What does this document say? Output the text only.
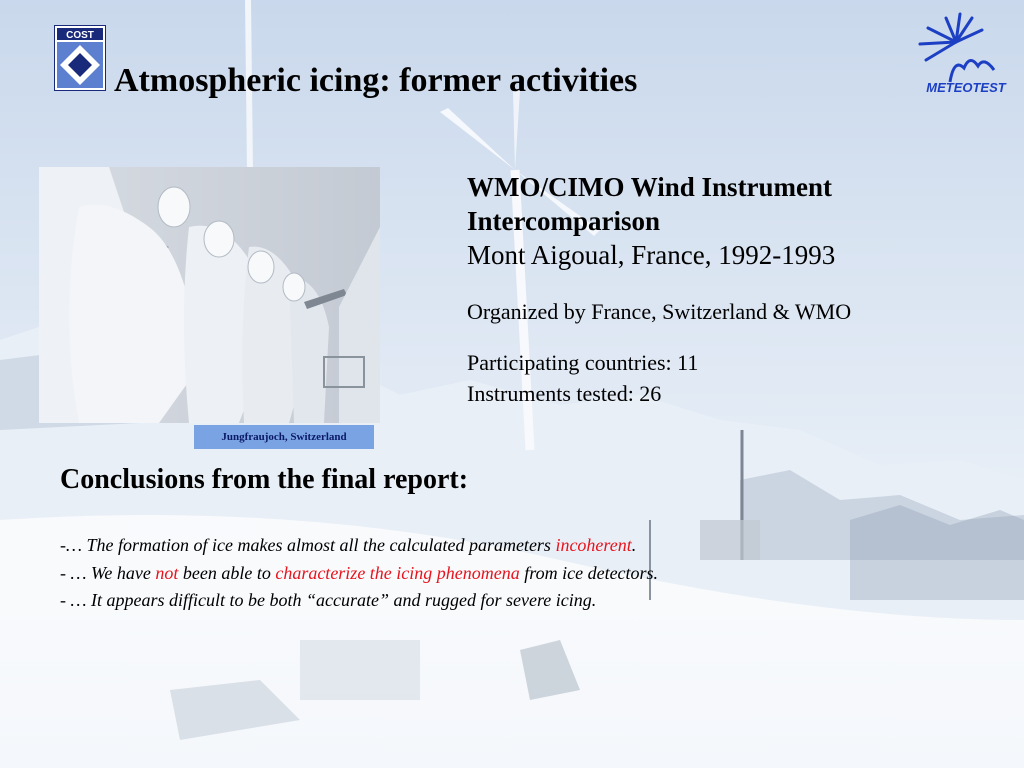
COST
METEOTEST
Atmospheric icing: former activities
Jungfraujoch, Switzerland

WMO/CIMO Wind Instrument Intercomparison

Mont Aigoual, France, 1992-1993

Organized by France, Switzerland & WMO

Participating countries: 11

Instruments tested: 26

Conclusions from the final report:
-… The formation of ice makes almost all the calculated parameters incoherent.
- … We have not been able to characterize the icing phenomena from ice detectors.
- … It appears difficult to be both “accurate” and rugged for severe icing.
